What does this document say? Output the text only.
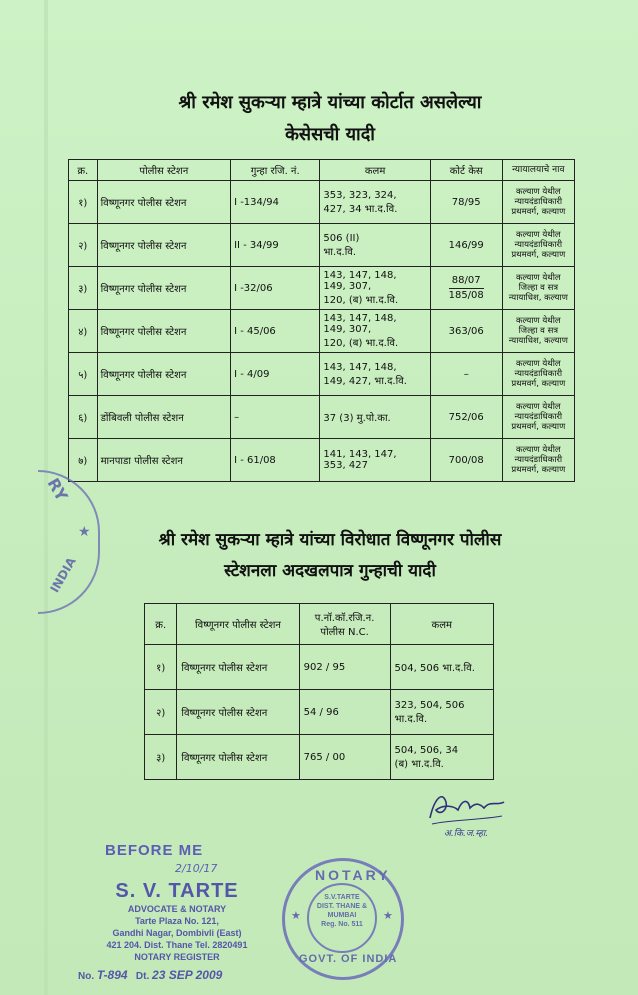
श्री रमेश सुकऱ्या म्हात्रे यांच्या कोर्टात असलेल्या
केसेसची यादी
क्र.	पोलीस स्टेशन	गुन्हा रजि. नं.	कलम	कोर्ट केस	न्यायालयाचे नाव
१)	विष्णूनगर पोलीस स्टेशन	I -134/94	353, 323, 324,
427, 34 भा.द.वि.	78/95	कल्याण येथील
न्यायदंडाधिकारी
प्रथमवर्ग, कल्याण
२)	विष्णूनगर पोलीस स्टेशन	II - 34/99	506 (II)
भा.द.वि.	146/99	कल्याण येथील
न्यायदंडाधिकारी
प्रथमवर्ग, कल्याण
३)	विष्णूनगर पोलीस स्टेशन	I -32/06	143, 147, 148,
149, 307,
120, (ब) भा.द.वि.	$\frac{88/07}{185/08}$	कल्याण येथील
जिल्हा व सत्र
न्यायाधिश, कल्याण
४)	विष्णूनगर पोलीस स्टेशन	I - 45/06	143, 147, 148,
149, 307,
120, (ब) भा.द.वि.	363/06	कल्याण येथील
जिल्हा व सत्र
न्यायाधिश, कल्याण
५)	विष्णूनगर पोलीस स्टेशन	I - 4/09	143, 147, 148,
149, 427, भा.द.वि.	–	कल्याण येथील
न्यायदंडाधिकारी
प्रथमवर्ग, कल्याण
६)	डोंबिवली पोलीस स्टेशन	–	37 (3) मु.पो.का.	752/06	कल्याण येथील
न्यायदंडाधिकारी
प्रथमवर्ग, कल्याण
७)	मानपाडा पोलीस स्टेशन	I - 61/08	141, 143, 147,
353, 427	700/08	कल्याण येथील
न्यायदंडाधिकारी
प्रथमवर्ग, कल्याण
श्री रमेश सुकऱ्या म्हात्रे यांच्या विरोधात विष्णूनगर पोलीस
स्टेशनला अदखलपात्र गुन्हाची यादी
क्र.	विष्णूनगर पोलीस स्टेशन	प.नॉ.कॉ.रजि.न.
पोलीस N.C.	कलम
१)	विष्णूनगर पोलीस स्टेशन	902 / 95	504, 506 भा.द.वि.
२)	विष्णूनगर पोलीस स्टेशन	54 / 96	323, 504, 506
भा.द.वि.
३)	विष्णूनगर पोलीस स्टेशन	765 / 00	504, 506, 34
(ब) भा.द.वि.
RY
★
INDIA
अ.कि.ज.म्हा.
BEFORE ME
2/10/17
S. V. TARTE
ADVOCATE & NOTARY
Tarte Plaza No. 121,
Gandhi Nagar, Dombivli (East)
421 204. Dist. Thane Tel. 2820491
NOTARY REGISTER
No. T-894 Dt. 23 SEP 2009
NOTARY
S.V.TARTE
DIST. THANE &
MUMBAI
Reg. No. 511
★	★
GOVT. OF INDIA
